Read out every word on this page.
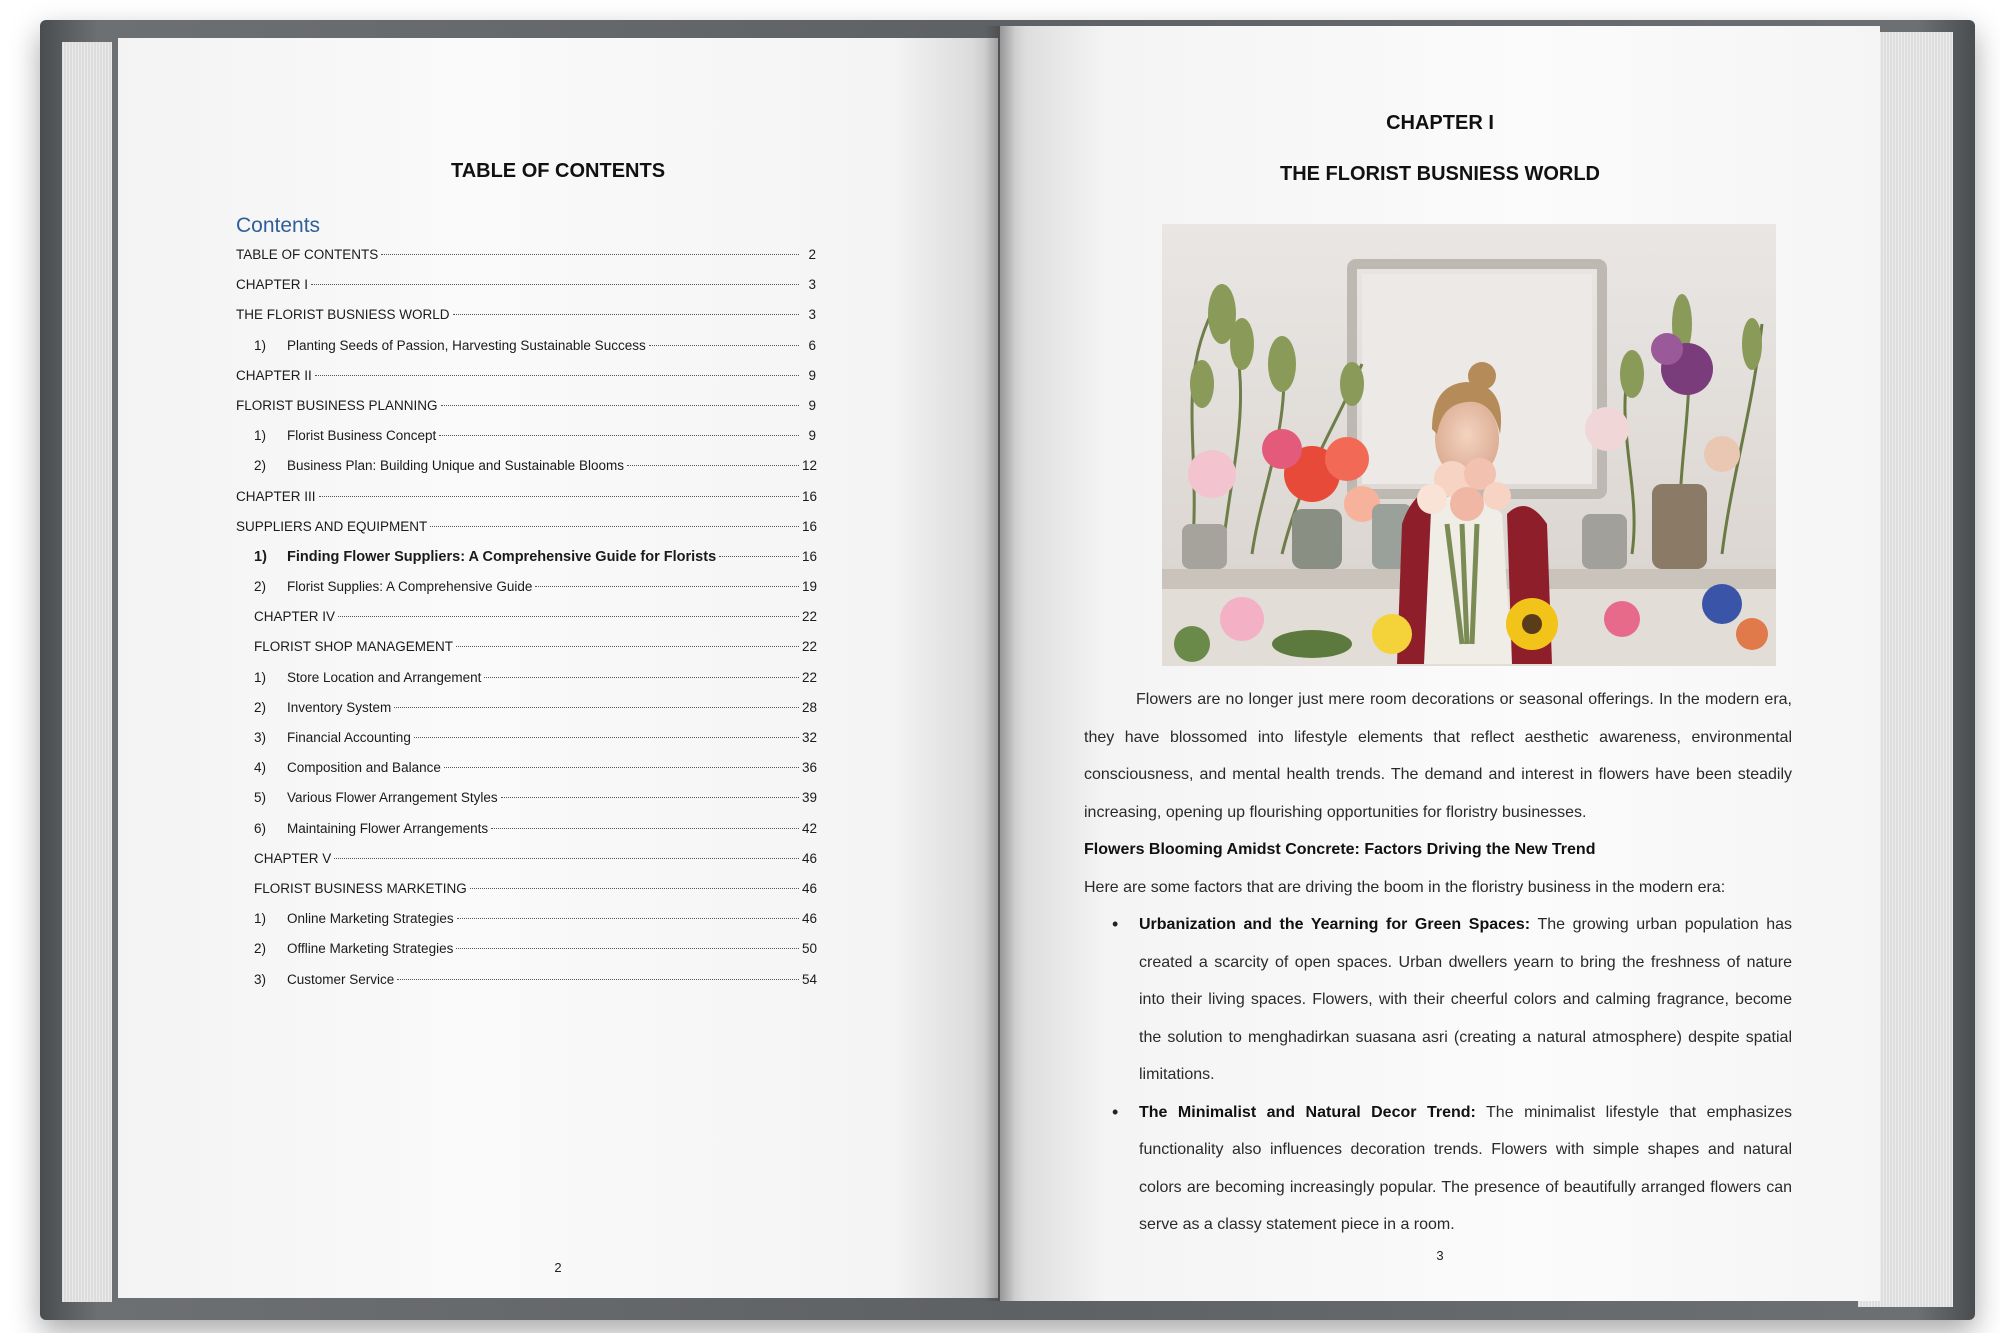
TABLE OF CONTENTS
Contents
TABLE OF CONTENTS	2
CHAPTER I	3
THE FLORIST BUSNIESS WORLD	3
1)	Planting Seeds of Passion, Harvesting Sustainable Success	6
CHAPTER II	9
FLORIST BUSINESS PLANNING	9
1)	Florist Business Concept	9
2)	Business Plan: Building Unique and Sustainable Blooms	12
CHAPTER III	16
SUPPLIERS AND EQUIPMENT	16
1)	Finding Flower Suppliers: A Comprehensive Guide for Florists	16
2)	Florist Supplies: A Comprehensive Guide	19
CHAPTER IV	22
FLORIST SHOP MANAGEMENT	22
1)	Store Location and Arrangement	22
2)	Inventory System	28
3)	Financial Accounting	32
4)	Composition and Balance	36
5)	Various Flower Arrangement Styles	39
6)	Maintaining Flower Arrangements	42
CHAPTER V	46
FLORIST BUSINESS MARKETING	46
1)	Online Marketing Strategies	46
2)	Offline Marketing Strategies	50
3)	Customer Service	54
2
CHAPTER I
THE FLORIST BUSNIESS WORLD

Flowers are no longer just mere room decorations or seasonal offerings. In the modern era, they have blossomed into lifestyle elements that reflect aesthetic awareness, environmental consciousness, and mental health trends. The demand and interest in flowers have been steadily increasing, opening up flourishing opportunities for floristry businesses.

Flowers Blooming Amidst Concrete: Factors Driving the New Trend

Here are some factors that are driving the boom in the floristry business in the modern era:

• Urbanization and the Yearning for Green Spaces: The growing urban population has created a scarcity of open spaces. Urban dwellers yearn to bring the freshness of nature into their living spaces. Flowers, with their cheerful colors and calming fragrance, become the solution to menghadirkan suasana asri (creating a natural atmosphere) despite spatial limitations.
• The Minimalist and Natural Decor Trend: The minimalist lifestyle that emphasizes functionality also influences decoration trends. Flowers with simple shapes and natural colors are becoming increasingly popular. The presence of beautifully arranged flowers can serve as a classy statement piece in a room.
3
